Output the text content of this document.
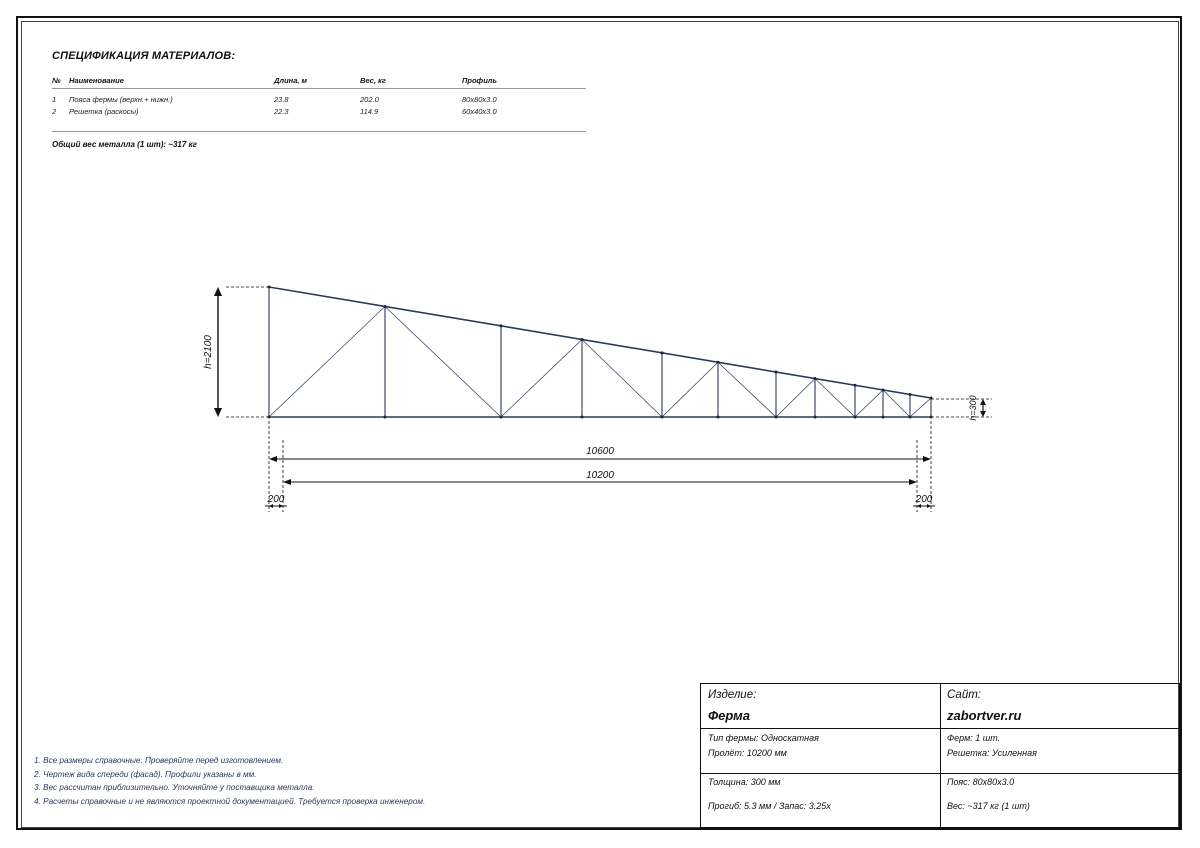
СПЕЦИФИКАЦИЯ МАТЕРИАЛОВ:
№	Наименование	Длина, м	Вес, кг	Профиль
1	Пояса фермы (верхн.+ нижн.)	23.8	202.0	80x80x3.0
2	Решетка (раскосы)	22.3	114.9	60x40x3.0

Общий вес металла (1 шт): ~317 кг
h=2100
h=300
10600
10200
200	200
1. Все размеры справочные. Проверяйте перед изготовлением.
2. Чертеж вида спереди (фасад). Профили указаны в мм.
3. Вес рассчитан приблизительно. Уточняйте у поставщика металла.
4. Расчеты справочные и не являются проектной документацией. Требуется проверка инженером.
Изделие:
Ферма
Сайт:
zabortver.ru
Тип фермы: Односкатная
Пролёт: 10200 мм
Ферм: 1 шт.
Решетка: Усиленная
Толщина: 300 мм
Прогиб: 5.3 мм / Запас: 3.25x
Пояс: 80x80x3.0
Вес: ~317 кг (1 шт)
